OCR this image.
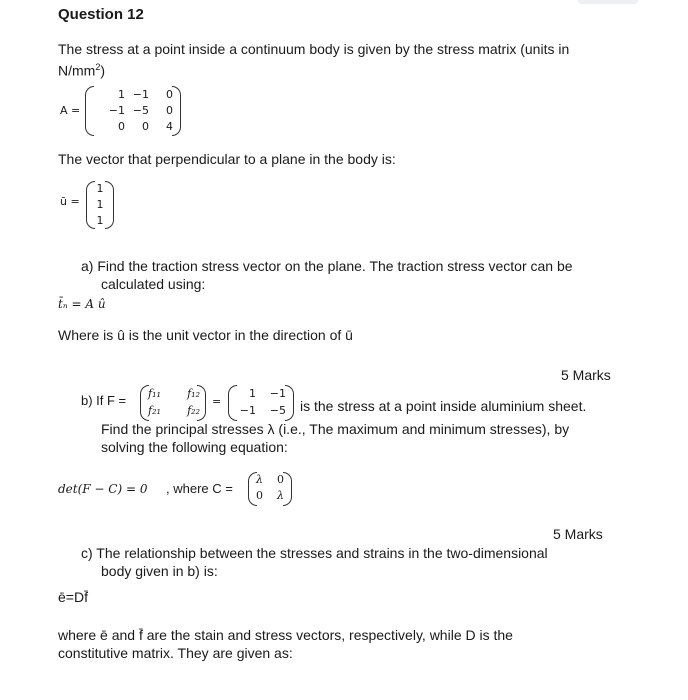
Question 12
The stress at a point inside a continuum body is given by the stress matrix (units in
$N/mm^2$)
A =
1 −1	0
−1 −5	0
0	0	4
The vector that perpendicular to a plane in the body is:
ū =
1
1
1
a) Find the traction stress vector on the plane. The traction stress vector can be
calculated using:
t̄ₙ = A û
Where is û is the unit vector in the direction of ū
5 Marks
b) If F = f₁₁ f₁₂
f₂₁ f₂₂
=
1	−1
−1	−5 is the stress at a point inside aluminium sheet.
Find the principal stresses λ (i.e., The maximum and minimum stresses), by
solving the following equation:
det(F − C) = 0 , where C =
λ 0
0 λ
5 Marks
c) The relationship between the stresses and strains in the two-dimensional
body given in b) is:
ē=Df̄
where ē and f̄ are the stain and stress vectors, respectively, while D is the
constitutive matrix. They are given as:
